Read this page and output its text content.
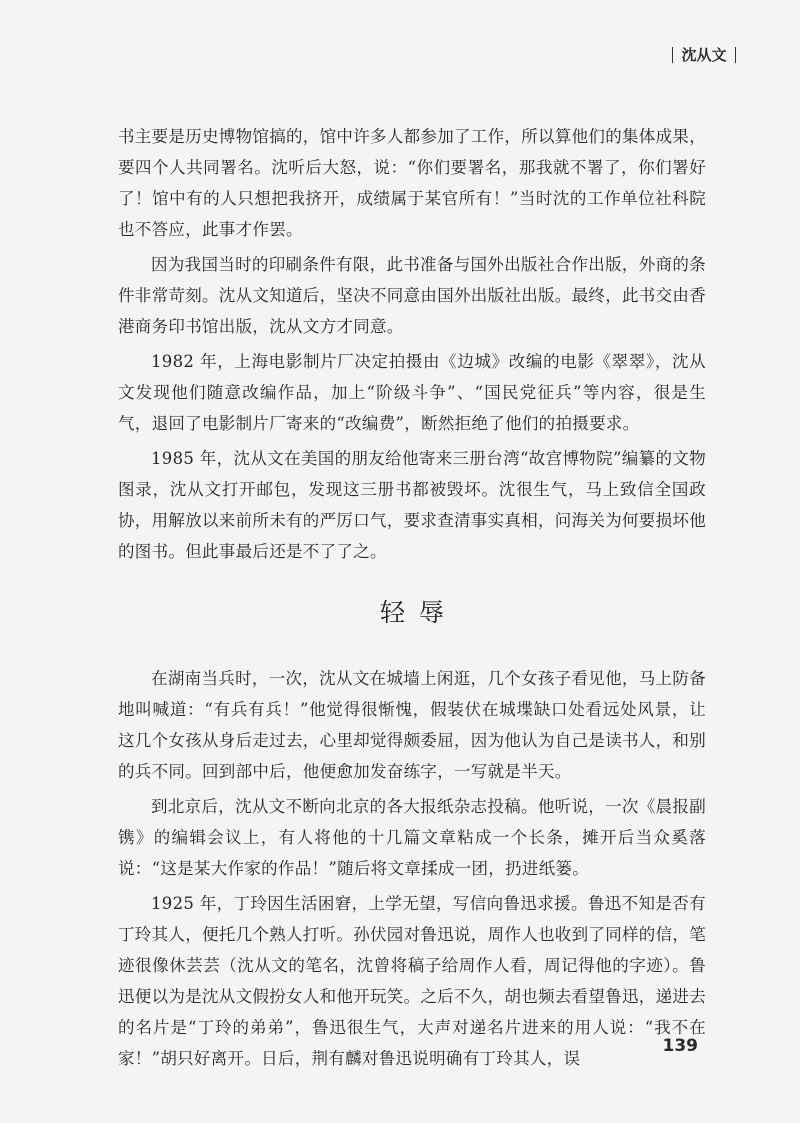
沈从文

书主要是历史博物馆搞的，馆中许多人都参加了工作，所以算他们的集体成果，要四个人共同署名。沈听后大怒，说：“你们要署名，那我就不署了，你们署好了！馆中有的人只想把我挤开，成绩属于某官所有！”当时沈的工作单位社科院也不答应，此事才作罢。

因为我国当时的印刷条件有限，此书准备与国外出版社合作出版，外商的条件非常苛刻。沈从文知道后，坚决不同意由国外出版社出版。最终，此书交由香港商务印书馆出版，沈从文方才同意。

1982 年，上海电影制片厂决定拍摄由《边城》改编的电影《翠翠》，沈从文发现他们随意改编作品，加上“阶级斗争”、“国民党征兵”等内容，很是生气，退回了电影制片厂寄来的“改编费”，断然拒绝了他们的拍摄要求。

1985 年，沈从文在美国的朋友给他寄来三册台湾“故宫博物院”编纂的文物图录，沈从文打开邮包，发现这三册书都被毁坏。沈很生气，马上致信全国政协，用解放以来前所未有的严厉口气，要求查清事实真相，问海关为何要损坏他的图书。但此事最后还是不了了之。

轻辱

在湖南当兵时，一次，沈从文在城墙上闲逛，几个女孩子看见他，马上防备地叫喊道：“有兵有兵！”他觉得很惭愧，假装伏在城堞缺口处看远处风景，让这几个女孩从身后走过去，心里却觉得颇委屈，因为他认为自己是读书人，和别的兵不同。回到部中后，他便愈加发奋练字，一写就是半天。

到北京后，沈从文不断向北京的各大报纸杂志投稿。他听说，一次《晨报副镌》的编辑会议上，有人将他的十几篇文章粘成一个长条，摊开后当众奚落说：“这是某大作家的作品！”随后将文章揉成一团，扔进纸篓。

1925 年，丁玲因生活困窘，上学无望，写信向鲁迅求援。鲁迅不知是否有丁玲其人，便托几个熟人打听。孙伏园对鲁迅说，周作人也收到了同样的信，笔迹很像休芸芸（沈从文的笔名，沈曾将稿子给周作人看，周记得他的字迹）。鲁迅便以为是沈从文假扮女人和他开玩笑。之后不久，胡也频去看望鲁迅，递进去的名片是“丁玲的弟弟”，鲁迅很生气，大声对递名片进来的用人说：“我不在家！”胡只好离开。日后，荆有麟对鲁迅说明确有丁玲其人，误

139
